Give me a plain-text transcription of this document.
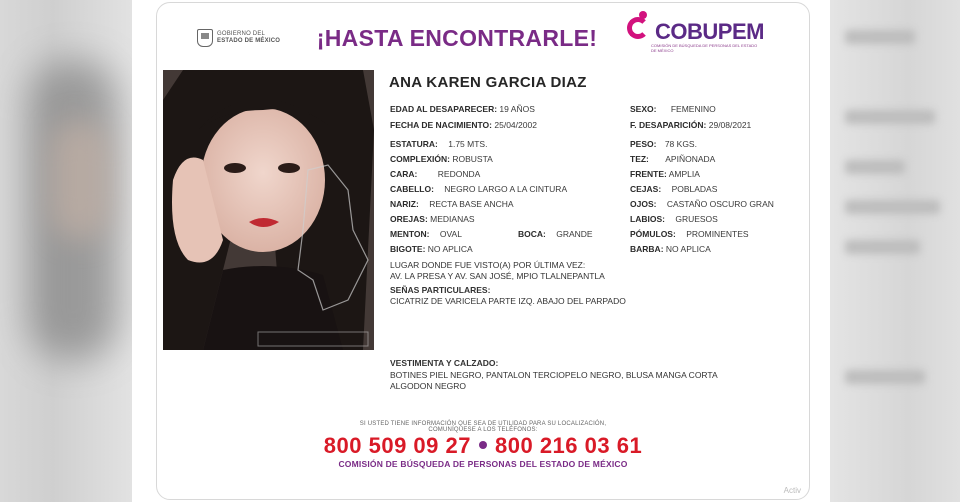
GOBIERNO DEL
ESTADO DE MÉXICO	¡HASTA ENCONTRARLE!	COBUPEM
COMISIÓN DE BÚSQUEDA DE PERSONAS DEL ESTADO DE MÉXICO
ANA KAREN GARCIA DIAZ
EDAD AL DESAPARECER: 19 AÑOS	SEXO: FEMENINO
FECHA DE NACIMIENTO: 25/04/2002	F. DESAPARICIÓN: 29/08/2021
ESTATURA: 1.75 MTS.	PESO: 78 KGS.
COMPLEXIÓN: ROBUSTA	TEZ: APIÑONADA
CARA: REDONDA	FRENTE: AMPLIA
CABELLO: NEGRO LARGO A LA CINTURA	CEJAS: POBLADAS
NARIZ: RECTA BASE ANCHA	OJOS: CASTAÑO OSCURO GRAN
OREJAS: MEDIANAS	LABIOS: GRUESOS
MENTON: OVAL	BOCA: GRANDE	PÓMULOS: PROMINENTES
BIGOTE: NO APLICA	BARBA: NO APLICA
LUGAR DONDE FUE VISTO(A) POR ÚLTIMA VEZ:
AV. LA PRESA Y AV. SAN JOSÉ, MPIO TLALNEPANTLA
SEÑAS PARTICULARES:
CICATRIZ DE VARICELA PARTE IZQ. ABAJO DEL PARPADO
VESTIMENTA Y CALZADO:
BOTINES PIEL NEGRO, PANTALON TERCIOPELO NEGRO, BLUSA MANGA CORTA
ALGODON NEGRO
SI USTED TIENE INFORMACIÓN QUE SEA DE UTILIDAD PARA SU LOCALIZACIÓN,
COMUNÍQUESE A LOS TELÉFONOS:
800 509 09 27 800 216 03 61
COMISIÓN DE BÚSQUEDA DE PERSONAS DEL ESTADO DE MÉXICO
Activ
